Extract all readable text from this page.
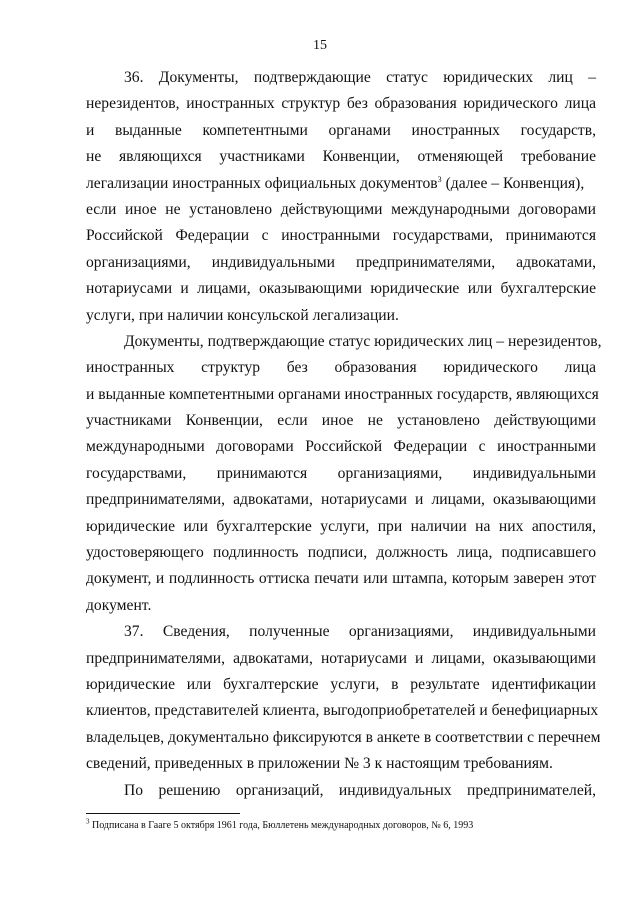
15
36. Документы, подтверждающие статус юридических лиц –
нерезидентов, иностранных структур без образования юридического лица
и выданные компетентными органами иностранных государств,
не являющихся участниками Конвенции, отменяющей требование
легализации иностранных официальных документов$^3$ (далее – Конвенция),
если иное не установлено действующими международными договорами
Российской Федерации с иностранными государствами, принимаются
организациями, индивидуальными предпринимателями, адвокатами,
нотариусами и лицами, оказывающими юридические или бухгалтерские
услуги, при наличии консульской легализации.
Документы, подтверждающие статус юридических лиц – нерезидентов,
иностранных структур без образования юридического лица
и выданные компетентными органами иностранных государств, являющихся
участниками Конвенции, если иное не установлено действующими
международными договорами Российской Федерации с иностранными
государствами, принимаются организациями, индивидуальными
предпринимателями, адвокатами, нотариусами и лицами, оказывающими
юридические или бухгалтерские услуги, при наличии на них апостиля,
удостоверяющего подлинность подписи, должность лица, подписавшего
документ, и подлинность оттиска печати или штампа, которым заверен этот
документ.
37. Сведения, полученные организациями, индивидуальными
предпринимателями, адвокатами, нотариусами и лицами, оказывающими
юридические или бухгалтерские услуги, в результате идентификации
клиентов, представителей клиента, выгодоприобретателей и бенефициарных
владельцев, документально фиксируются в анкете в соответствии с перечнем
сведений, приведенных в приложении № 3 к настоящим требованиям.
По решению организаций, индивидуальных предпринимателей,
$^3$ Подписана в Гааге 5 октября 1961 года, Бюллетень международных договоров, № 6, 1993
